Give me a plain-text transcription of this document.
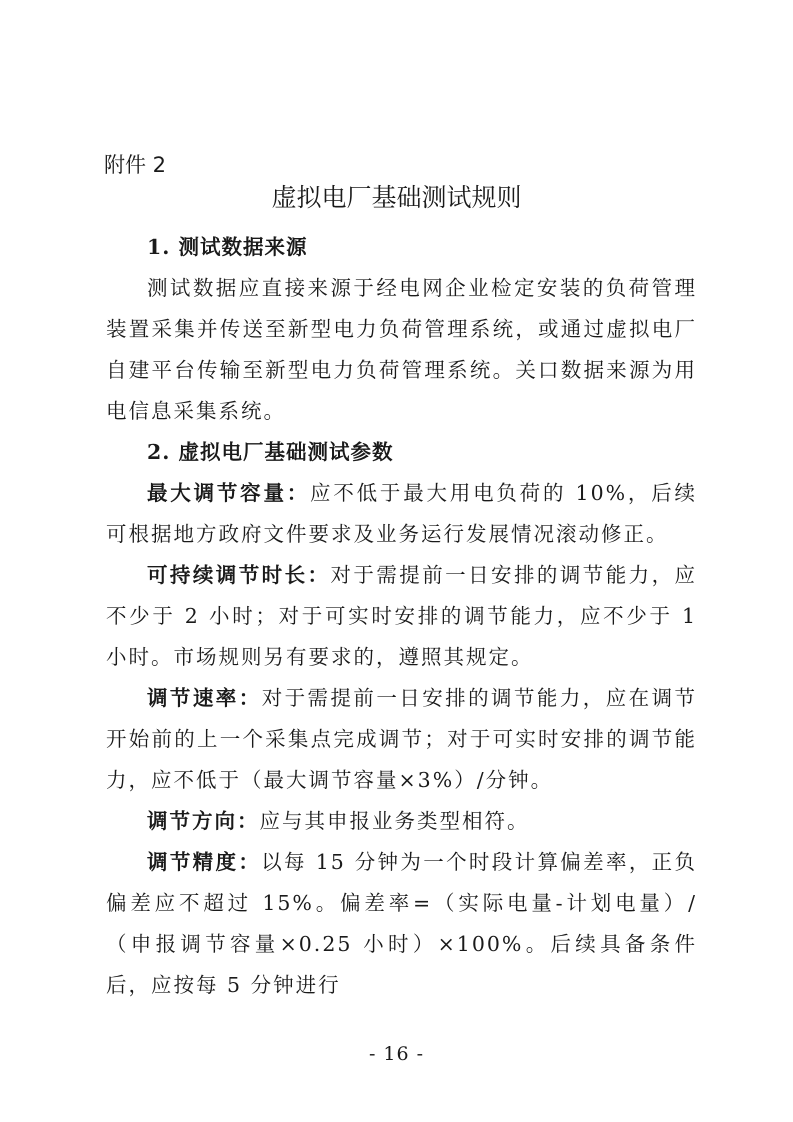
附件 2
虚拟电厂基础测试规则

1. 测试数据来源

测试数据应直接来源于经电网企业检定安装的负荷管理装置采集并传送至新型电力负荷管理系统，或通过虚拟电厂自建平台传输至新型电力负荷管理系统。关口数据来源为用电信息采集系统。

2. 虚拟电厂基础测试参数

最大调节容量：应不低于最大用电负荷的 10%，后续可根据地方政府文件要求及业务运行发展情况滚动修正。

可持续调节时长：对于需提前一日安排的调节能力，应不少于 2 小时；对于可实时安排的调节能力，应不少于 1 小时。市场规则另有要求的，遵照其规定。

调节速率：对于需提前一日安排的调节能力，应在调节开始前的上一个采集点完成调节；对于可实时安排的调节能力，应不低于（最大调节容量×3%）/分钟。

调节方向：应与其申报业务类型相符。

调节精度：以每 15 分钟为一个时段计算偏差率，正负偏差应不超过 15%。偏差率=（实际电量-计划电量）/（申报调节容量×0.25 小时）×100%。后续具备条件后，应按每 5 分钟进行

- 16 -
